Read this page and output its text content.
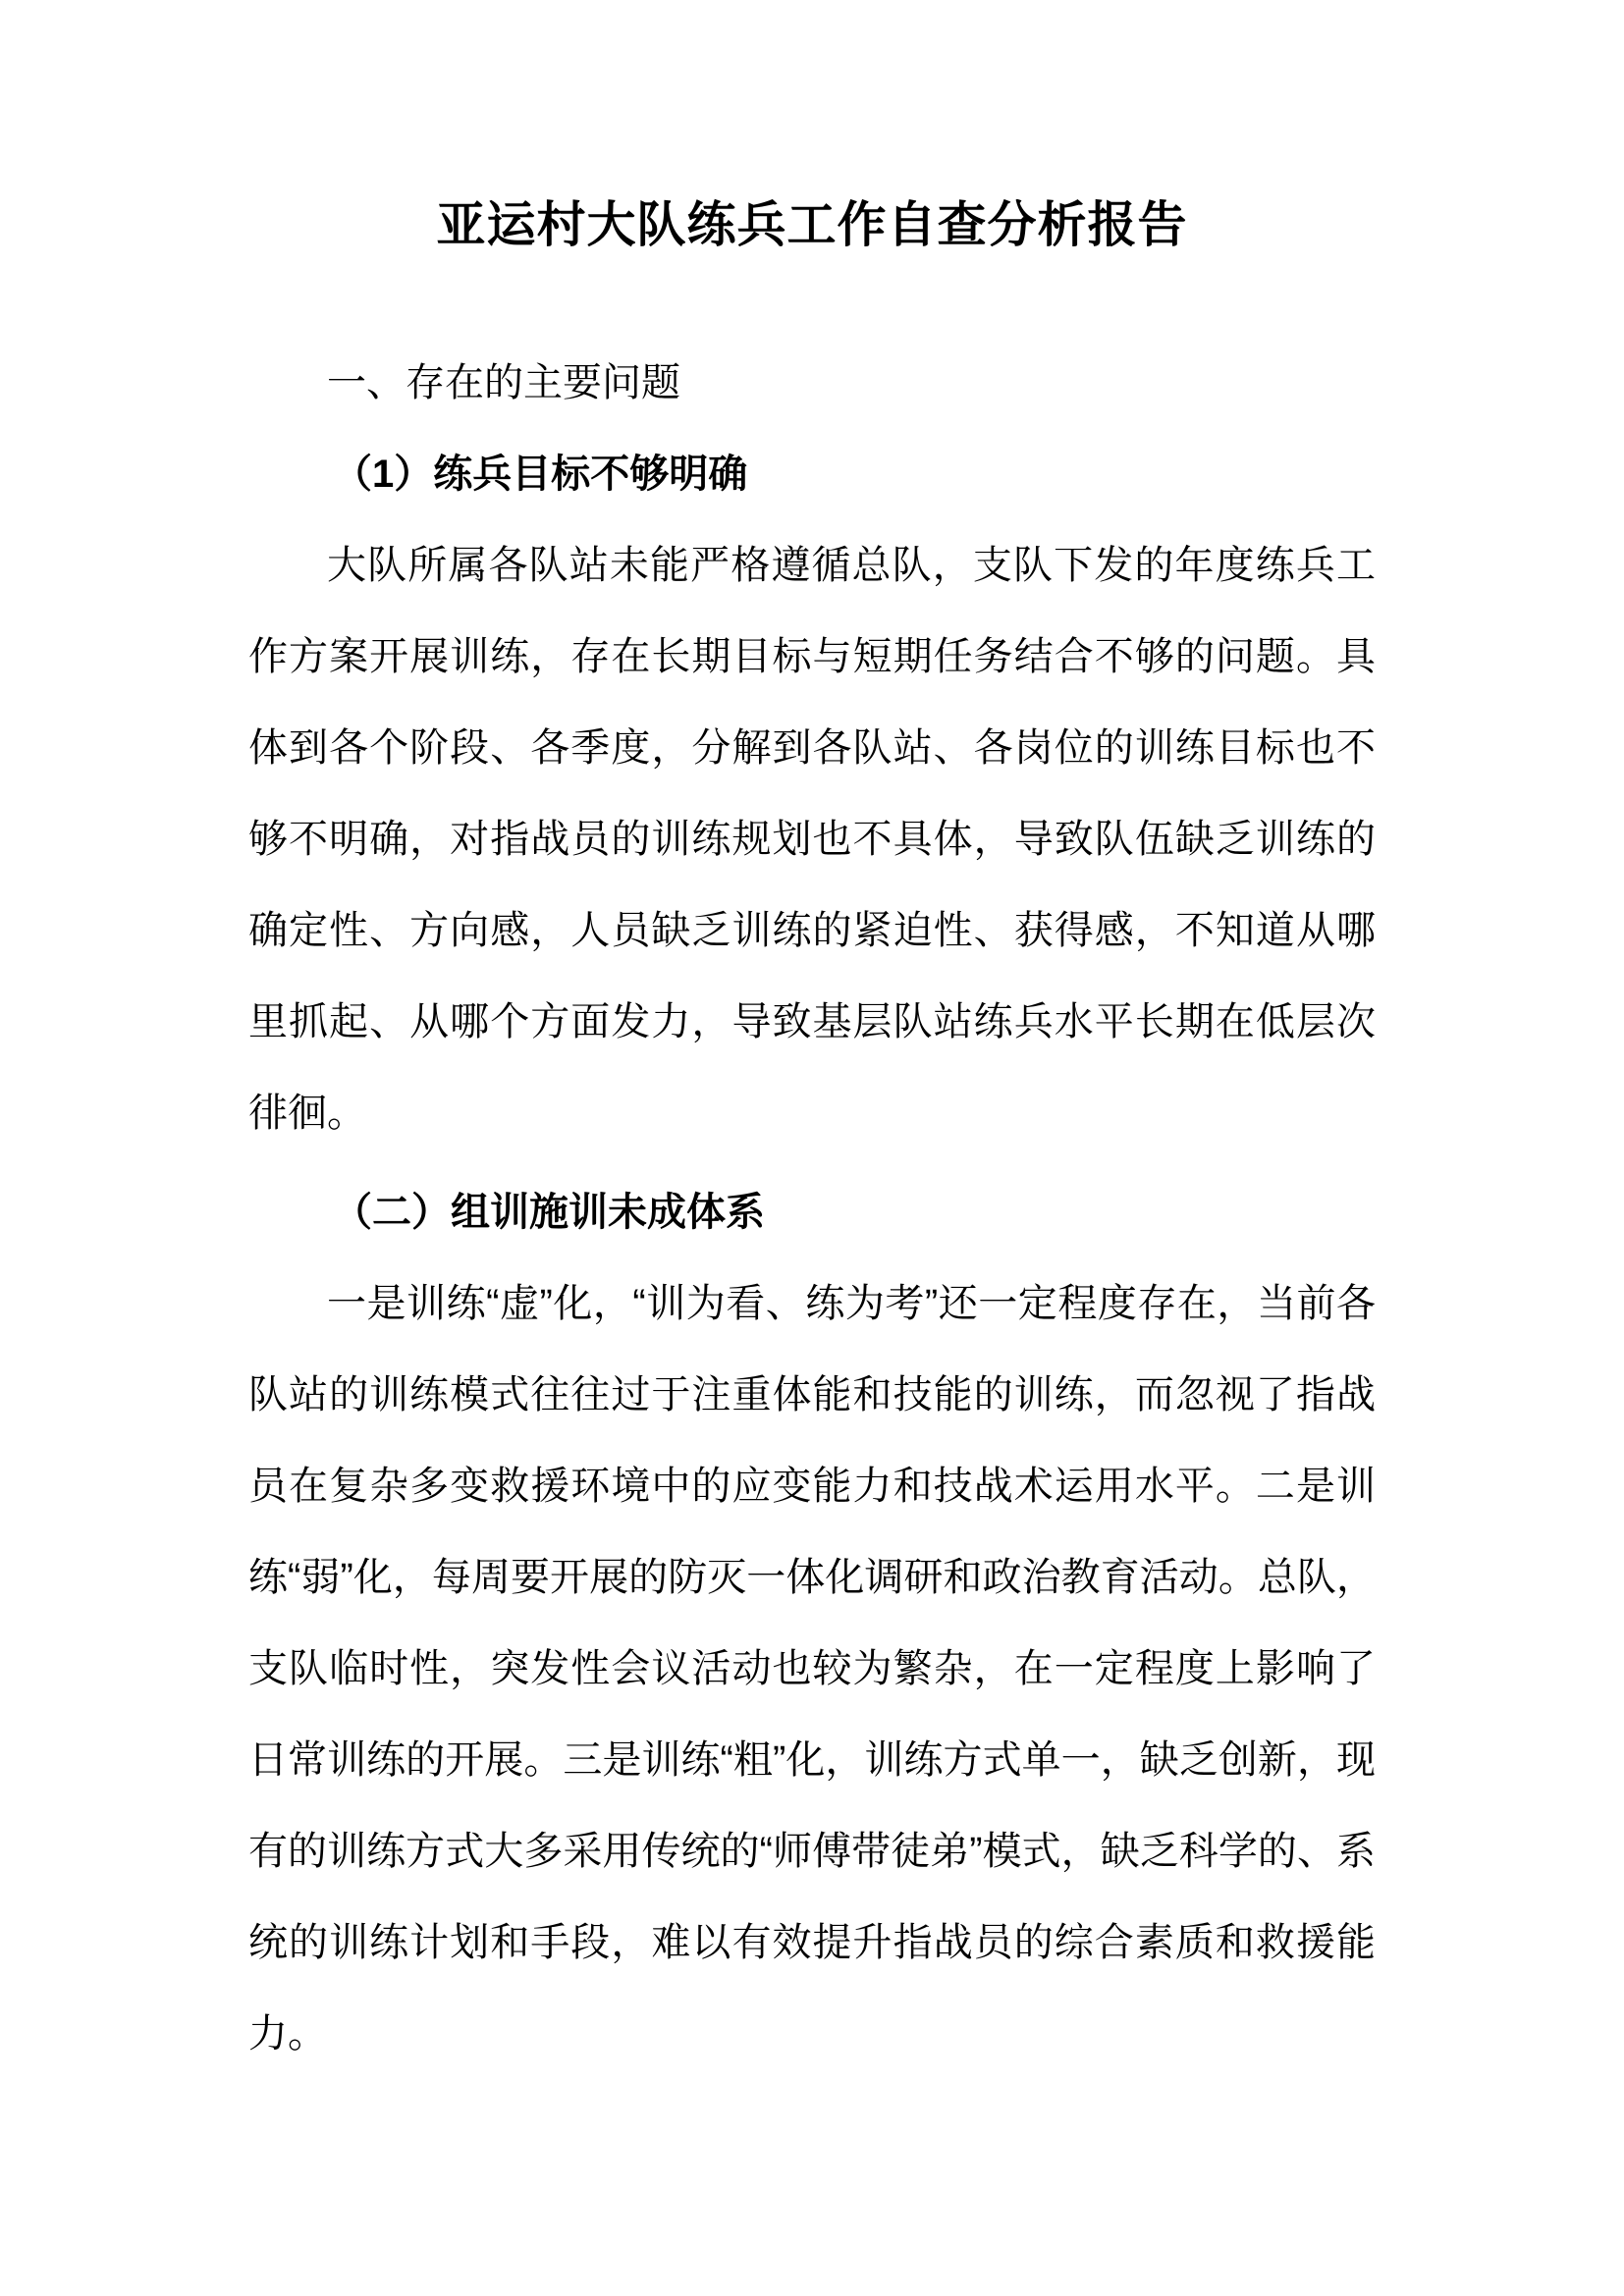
亚运村大队练兵工作自查分析报告
一、存在的主要问题
（1）练兵目标不够明确

大队所属各队站未能严格遵循总队，支队下发的年度练兵工作方案开展训练，存在长期目标与短期任务结合不够的问题。具体到各个阶段、各季度，分解到各队站、各岗位的训练目标也不够不明确，对指战员的训练规划也不具体，导致队伍缺乏训练的确定性、方向感，人员缺乏训练的紧迫性、获得感，不知道从哪里抓起、从哪个方面发力，导致基层队站练兵水平长期在低层次徘徊。

（二）组训施训未成体系

一是训练“虚”化，“训为看、练为考”还一定程度存在，当前各队站的训练模式往往过于注重体能和技能的训练，而忽视了指战员在复杂多变救援环境中的应变能力和技战术运用水平。二是训练“弱”化，每周要开展的防灭一体化调研和政治教育活动。总队，支队临时性，突发性会议活动也较为繁杂，在一定程度上影响了日常训练的开展。三是训练“粗”化，训练方式单一，缺乏创新，现有的训练方式大多采用传统的“师傅带徒弟”模式，缺乏科学的、系统的训练计划和手段，难以有效提升指战员的综合素质和救援能力。
